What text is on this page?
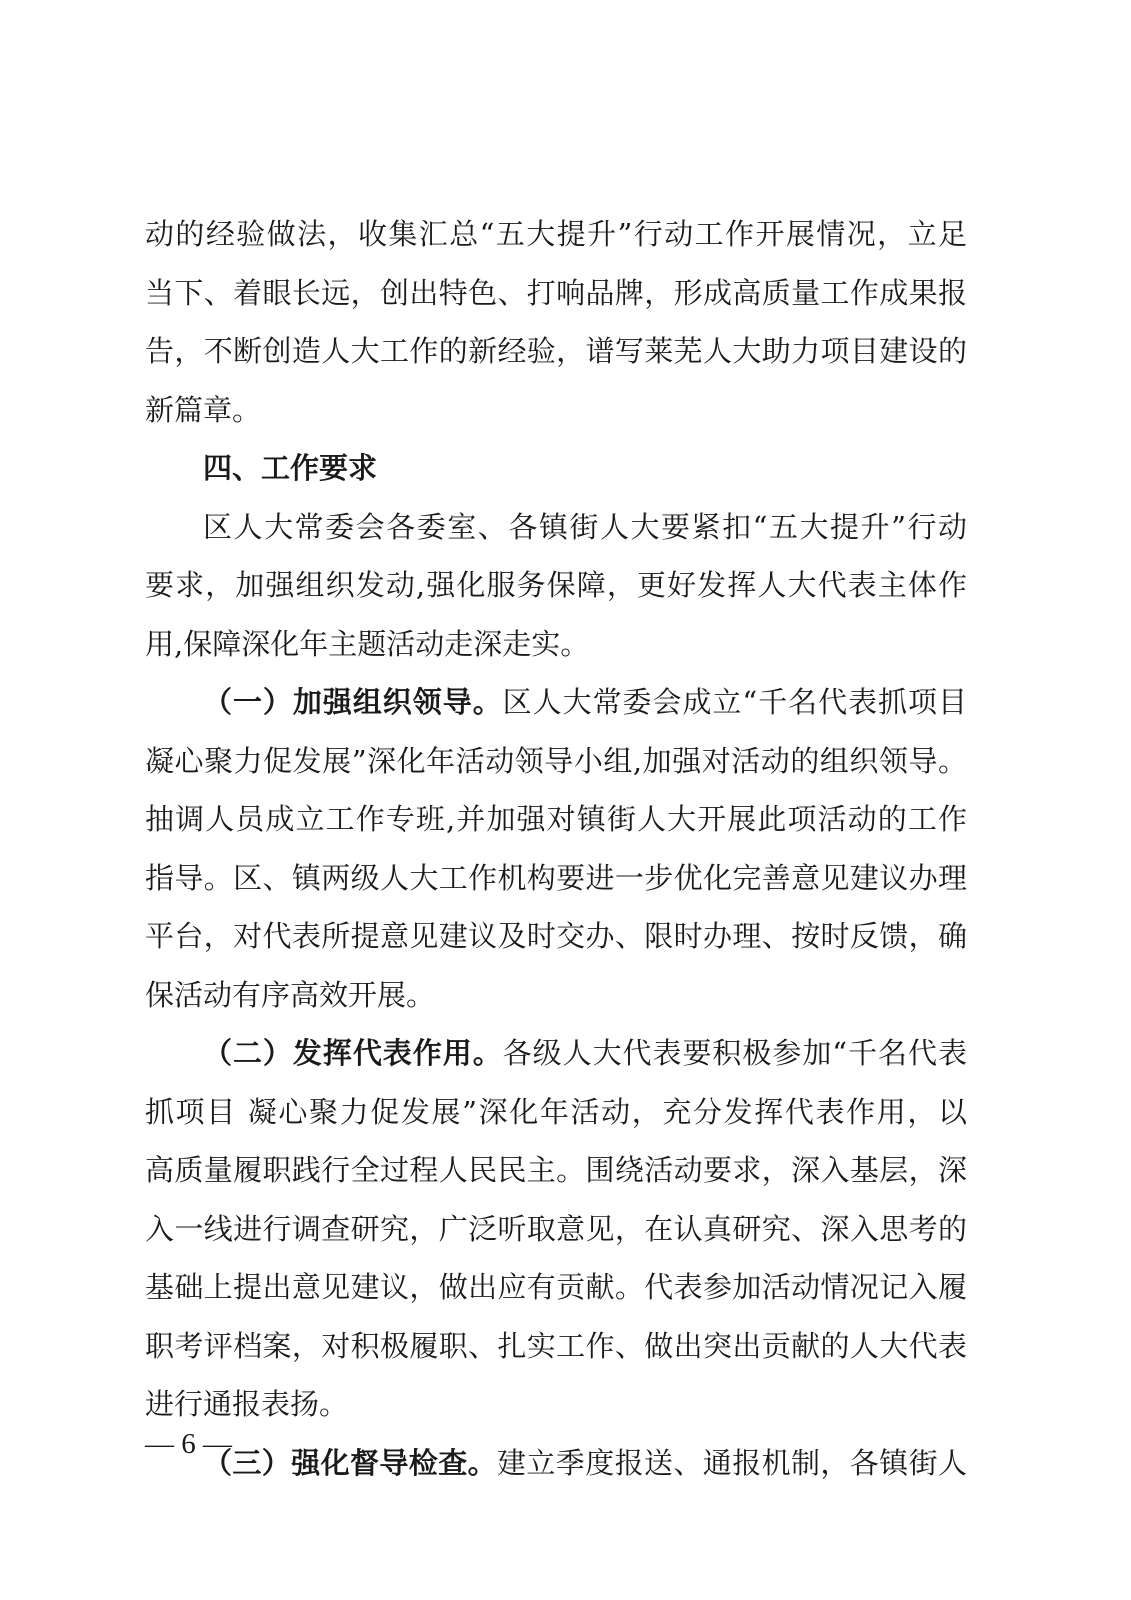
动的经验做法，收集汇总“五大提升”行动工作开展情况，立足
当下、着眼长远，创出特色、打响品牌，形成高质量工作成果报
告，不断创造人大工作的新经验，谱写莱芜人大助力项目建设的
新篇章。
四、工作要求
区人大常委会各委室、各镇街人大要紧扣“五大提升”行动
要求，加强组织发动,强化服务保障，更好发挥人大代表主体作
用,保障深化年主题活动走深走实。
（一）加强组织领导。区人大常委会成立“千名代表抓项目
凝心聚力促发展”深化年活动领导小组,加强对活动的组织领导。
抽调人员成立工作专班,并加强对镇街人大开展此项活动的工作
指导。区、镇两级人大工作机构要进一步优化完善意见建议办理
平台，对代表所提意见建议及时交办、限时办理、按时反馈，确
保活动有序高效开展。
（二）发挥代表作用。各级人大代表要积极参加“千名代表
抓项目 凝心聚力促发展”深化年活动，充分发挥代表作用，以
高质量履职践行全过程人民民主。围绕活动要求，深入基层，深
入一线进行调查研究，广泛听取意见，在认真研究、深入思考的
基础上提出意见建议，做出应有贡献。代表参加活动情况记入履
职考评档案，对积极履职、扎实工作、做出突出贡献的人大代表
进行通报表扬。
（三）强化督导检查。建立季度报送、通报机制，各镇街人
— 6 —
